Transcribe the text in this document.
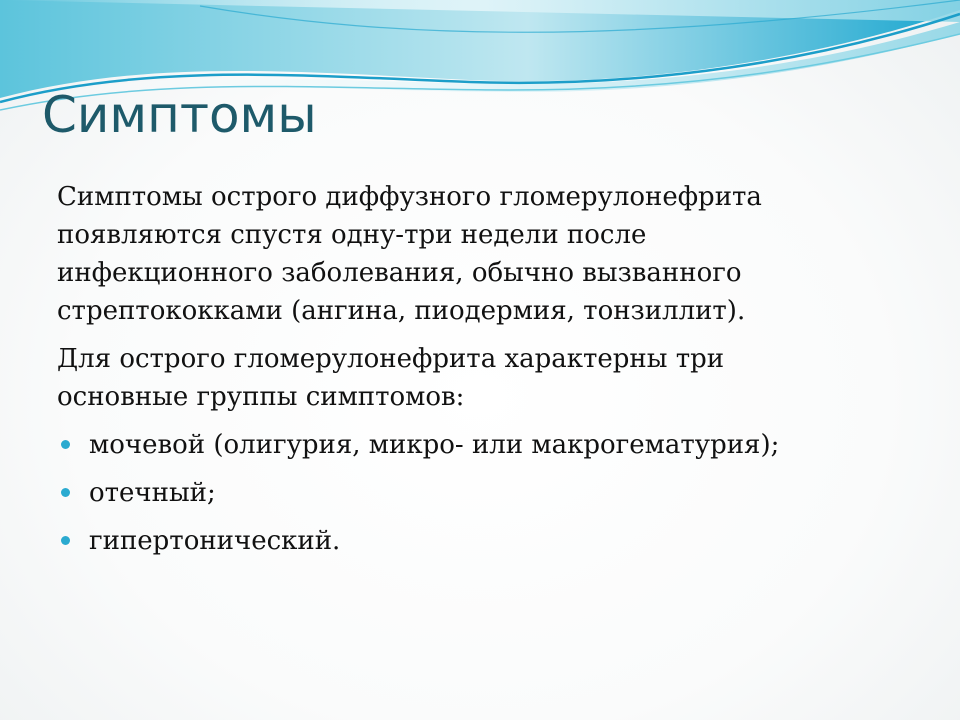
Симптомы

Симптомы острого диффузного гломерулонефрита
появляются спустя одну-три недели после
инфекционного заболевания, обычно вызванного
стрептококками (ангина, пиодермия, тонзиллит).

Для острого гломерулонефрита характерны три
основные группы симптомов:

мочевой (олигурия, микро- или макрогематурия);
отечный;
гипертонический.
